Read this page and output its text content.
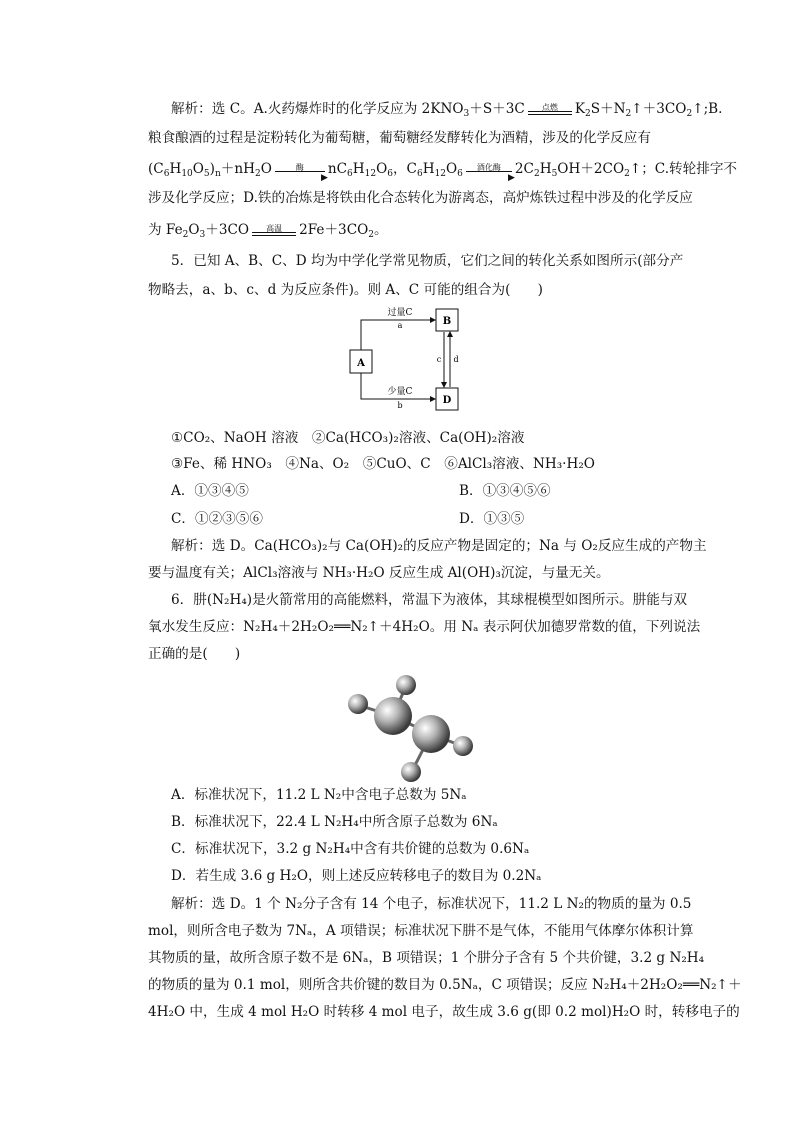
解析：选 C。A.火药爆炸时的化学反应为 $2KNO_3+S+3C$	点燃	$K_2S+N_2↑+3CO_2↑;B$.
粮食酿酒的过程是淀粉转化为葡萄糖，葡萄糖经发酵转化为酒精，涉及的化学反应有
$(C_6H_{10}O_5)_n+nH_2O$	酶
▶
$nC_6H_{12}O_6$，$C_6H_{12}O_6$
酒化酶
▶
$2C_2H_5OH+2CO_2↑$；C.转轮排字不
涉及化学反应；D.铁的冶炼是将铁由化合态转化为游离态，高炉炼铁过程中涉及的化学反应
为 $Fe_2O_3+3CO$	高温	$2Fe+3CO_2$。
5．已知 A、B、C、D 均为中学化学常见物质，它们之间的转化关系如图所示(部分产
物略去，a、b、c、d 为反应条件)。则 A、C 可能的组合为(　　)
A
B
D
过量C
a
少量C
b
c d
①CO₂、NaOH 溶液　②Ca(HCO₃)₂溶液、Ca(OH)₂溶液
③Fe、稀 HNO₃　④Na、O₂　⑤CuO、C　⑥AlCl₃溶液、NH₃·H₂O
A．①③④⑤	B．①③④⑤⑥
C．①②③⑤⑥	D．①③⑤
解析：选 D。Ca(HCO₃)₂与 Ca(OH)₂的反应产物是固定的；Na 与 O₂反应生成的产物主
要与温度有关；AlCl₃溶液与 NH₃·H₂O 反应生成 Al(OH)₃沉淀，与量无关。
6．肼(N₂H₄)是火箭常用的高能燃料，常温下为液体，其球棍模型如图所示。肼能与双
氧水发生反应：N₂H₄＋2H₂O₂══N₂↑＋4H₂O。用 Nₐ 表示阿伏加德罗常数的值，下列说法
正确的是(　　)
A．标准状况下，11.2 L N₂中含电子总数为 5Nₐ
B．标准状况下，22.4 L N₂H₄中所含原子总数为 6Nₐ
C．标准状况下，3.2 g N₂H₄中含有共价键的总数为 0.6Nₐ
D．若生成 3.6 g H₂O，则上述反应转移电子的数目为 0.2Nₐ
解析：选 D。1 个 N₂分子含有 14 个电子，标准状况下，11.2 L N₂的物质的量为 0.5
mol，则所含电子数为 7Nₐ，A 项错误；标准状况下肼不是气体，不能用气体摩尔体积计算
其物质的量，故所含原子数不是 6Nₐ，B 项错误；1 个肼分子含有 5 个共价键，3.2 g N₂H₄
的物质的量为 0.1 mol，则所含共价键的数目为 0.5Nₐ，C 项错误；反应 N₂H₄＋2H₂O₂══N₂↑＋
4H₂O 中，生成 4 mol H₂O 时转移 4 mol 电子，故生成 3.6 g(即 0.2 mol)H₂O 时，转移电子的
